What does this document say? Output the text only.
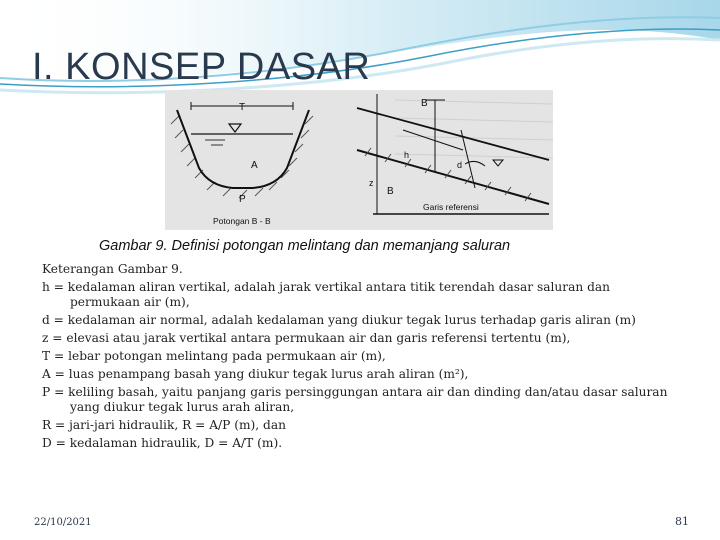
I. KONSEP DASAR
T
A
P
Potongan B - B
B
B
h
d
z
Garis referensi
Gambar 9. Definisi potongan melintang dan memanjang saluran

Keterangan Gambar 9.

h = kedalaman aliran vertikal, adalah jarak vertikal antara titik terendah dasar saluran dan permukaan air (m),

d = kedalaman air normal, adalah kedalaman yang diukur tegak lurus terhadap garis aliran (m)

z = elevasi atau jarak vertikal antara permukaan air dan garis referensi tertentu (m),

T = lebar potongan melintang pada permukaan air (m),

A = luas penampang basah yang diukur tegak lurus arah aliran (m²),

P = keliling basah, yaitu panjang garis persinggungan antara air dan dinding dan/atau dasar saluran yang diukur tegak lurus arah aliran,

R = jari-jari hidraulik, R = A/P (m), dan

D = kedalaman hidraulik, D = A/T (m).

22/10/2021	81
